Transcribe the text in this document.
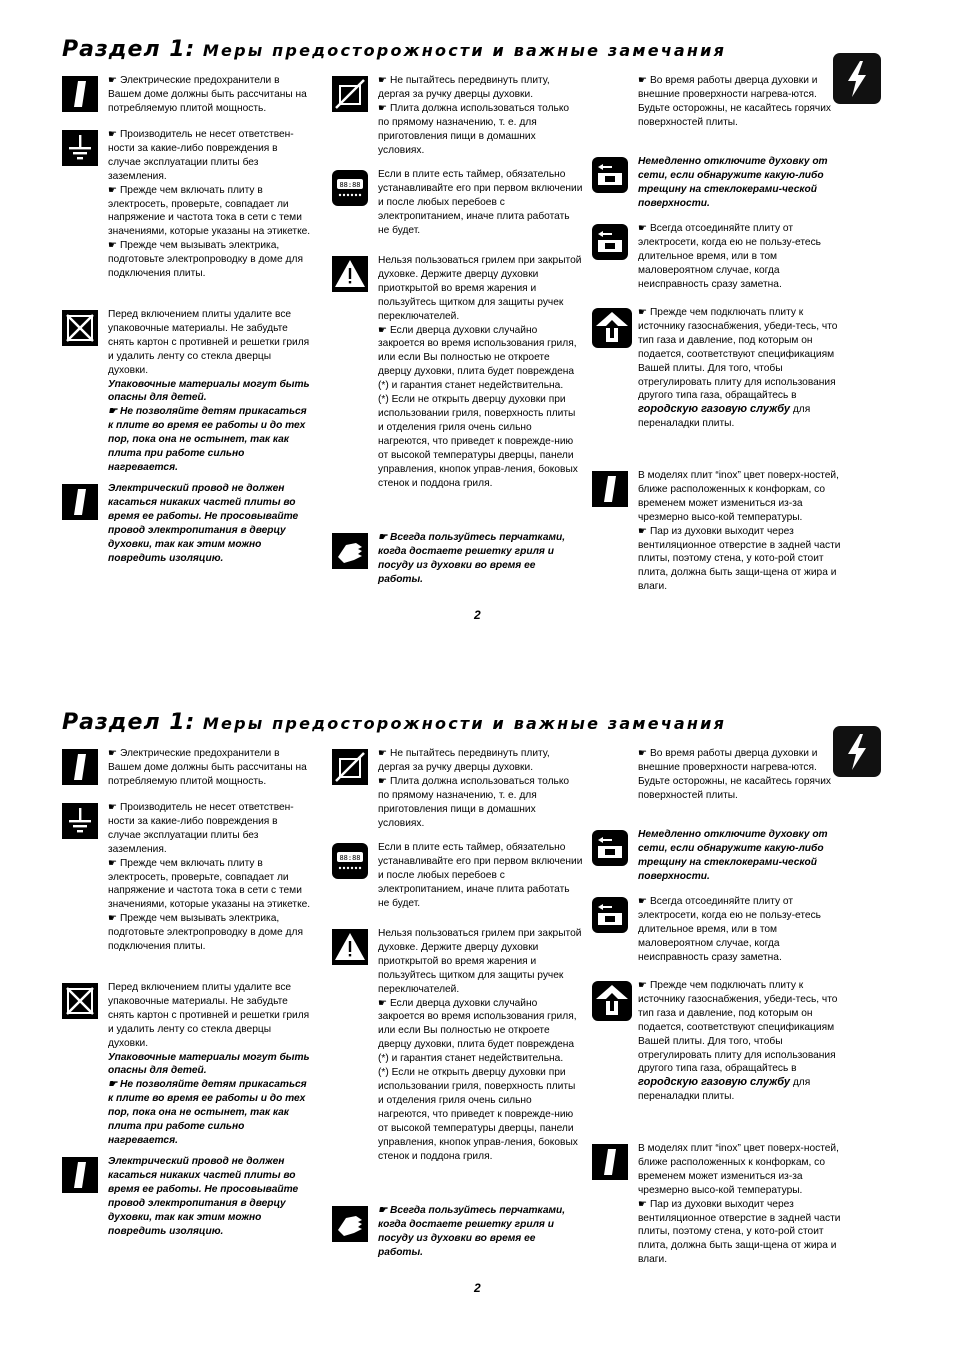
Раздел 1: Меры предосторожности и важные замечания

☛ Электрические предохранители в Вашем доме должны быть рассчитаны на потребляемую плитой мощность.

☛ Производитель не несет ответствен-ности за какие-либо повреждения в случае эксплуатации плиты без заземления.

☛ Прежде чем включать плиту в электросеть, проверьте, совпадает ли напряжение и частота тока в сети с теми значениями, которые указаны на этикетке.

☛ Прежде чем вызывать электрика, подготовьте электропроводку в доме для подключения плиты.

Перед включением плиты удалите все упаковочные материалы. Не забудьте снять картон с противней и решетки гриля и удалить ленту со стекла дверцы духовки.

Упаковочные материалы могут быть опасны для детей.

☛ Не позволяйте детям прикасаться к плите во время ее работы и до тех пор, пока она не остынет, так как плита при работе сильно нагревается.

Электрический провод не должен касаться никаких частей плиты во время ее работы. Не просовывайте провод электропитания в дверцу духовки, так как этим можно повредить изоляцию.

☛ Не пытайтесь передвинуть плиту, дергая за ручку дверцы духовки.

☛ Плита должна использоваться только по прямому назначению, т. е. для приготовления пищи в домашних условиях.

88:88

Если в плите есть таймер, обязательно устанавливайте его при первом включении и после любых перебоев с электропитанием, иначе плита работать не будет.

Нельзя пользоваться грилем при закрытой духовке. Держите дверцу духовки приоткрытой во время жарения и пользуйтесь щитком для защиты ручек переключателей.

☛ Если дверца духовки случайно закроется во время использования гриля, или если Вы полностью не откроете дверцу духовки, плита будет повреждена (*) и гарантия станет недействительна.

(*) Если не открыть дверцу духовки при использовании гриля, поверхность плиты и отделения гриля очень сильно нагреются, что приведет к поврежде-нию от высокой температуры дверцы, панели управления, кнопок управ-ления, боковых стенок и поддона гриля.

☛ Всегда пользуйтесь перчатками, когда достаете решетку гриля и посуду из духовки во время ее работы.

☛ Во время работы дверца духовки и внешние проверхности нагрева-ются. Будьте осторожны, не касайтесь горячих поверхностей плиты.

Немедленно отключите духовку от сети, если обнаружите какую-либо трещину на стеклокерами-ческой поверхности.

☛ Всегда отсоединяйте плиту от электросети, когда ею не пользу-етесь длительное время, или в том маловероятном случае, когда неисправность сразу заметна.

☛ Прежде чем подключать плиту к источнику газоснабжения, убеди-тесь, что тип газа и давление, под которым он подается, соответствуют спецификациям Вашей плиты. Для того, чтобы отрегулировать плиту для использования другого типа газа, обращайтесь в городскую газовую службу для перенaладки плиты.

В моделях плит “inox” цвет поверх-ностей, ближе расположенных к конфоркам, со временем может измениться из-за чрезмерно высо-кой температуры.

☛ Пар из духовки выходит через вентиляционное отверстие в задней части плиты, поэтому стена, у кото-рой стоит плита, должна быть защи-щена от жира и влаги.

2
Раздел 1: Меры предосторожности и важные замечания

☛ Электрические предохранители в Вашем доме должны быть рассчитаны на потребляемую плитой мощность.

☛ Производитель не несет ответствен-ности за какие-либо повреждения в случае эксплуатации плиты без заземления.

☛ Прежде чем включать плиту в электросеть, проверьте, совпадает ли напряжение и частота тока в сети с теми значениями, которые указаны на этикетке.

☛ Прежде чем вызывать электрика, подготовьте электропроводку в доме для подключения плиты.

Перед включением плиты удалите все упаковочные материалы. Не забудьте снять картон с противней и решетки гриля и удалить ленту со стекла дверцы духовки.

Упаковочные материалы могут быть опасны для детей.

☛ Не позволяйте детям прикасаться к плите во время ее работы и до тех пор, пока она не остынет, так как плита при работе сильно нагревается.

Электрический провод не должен касаться никаких частей плиты во время ее работы. Не просовывайте провод электропитания в дверцу духовки, так как этим можно повредить изоляцию.

☛ Не пытайтесь передвинуть плиту, дергая за ручку дверцы духовки.

☛ Плита должна использоваться только по прямому назначению, т. е. для приготовления пищи в домашних условиях.

88:88

Если в плите есть таймер, обязательно устанавливайте его при первом включении и после любых перебоев с электропитанием, иначе плита работать не будет.

Нельзя пользоваться грилем при закрытой духовке. Держите дверцу духовки приоткрытой во время жарения и пользуйтесь щитком для защиты ручек переключателей.

☛ Если дверца духовки случайно закроется во время использования гриля, или если Вы полностью не откроете дверцу духовки, плита будет повреждена (*) и гарантия станет недействительна.

(*) Если не открыть дверцу духовки при использовании гриля, поверхность плиты и отделения гриля очень сильно нагреются, что приведет к поврежде-нию от высокой температуры дверцы, панели управления, кнопок управ-ления, боковых стенок и поддона гриля.

☛ Всегда пользуйтесь перчатками, когда достаете решетку гриля и посуду из духовки во время ее работы.

☛ Во время работы дверца духовки и внешние проверхности нагрева-ются. Будьте осторожны, не касайтесь горячих поверхностей плиты.

Немедленно отключите духовку от сети, если обнаружите какую-либо трещину на стеклокерами-ческой поверхности.

☛ Всегда отсоединяйте плиту от электросети, когда ею не пользу-етесь длительное время, или в том маловероятном случае, когда неисправность сразу заметна.

☛ Прежде чем подключать плиту к источнику газоснабжения, убеди-тесь, что тип газа и давление, под которым он подается, соответствуют спецификациям Вашей плиты. Для того, чтобы отрегулировать плиту для использования другого типа газа, обращайтесь в городскую газовую службу для перенaладки плиты.

В моделях плит “inox” цвет поверх-ностей, ближе расположенных к конфоркам, со временем может измениться из-за чрезмерно высо-кой температуры.

☛ Пар из духовки выходит через вентиляционное отверстие в задней части плиты, поэтому стена, у кото-рой стоит плита, должна быть защи-щена от жира и влаги.

2
